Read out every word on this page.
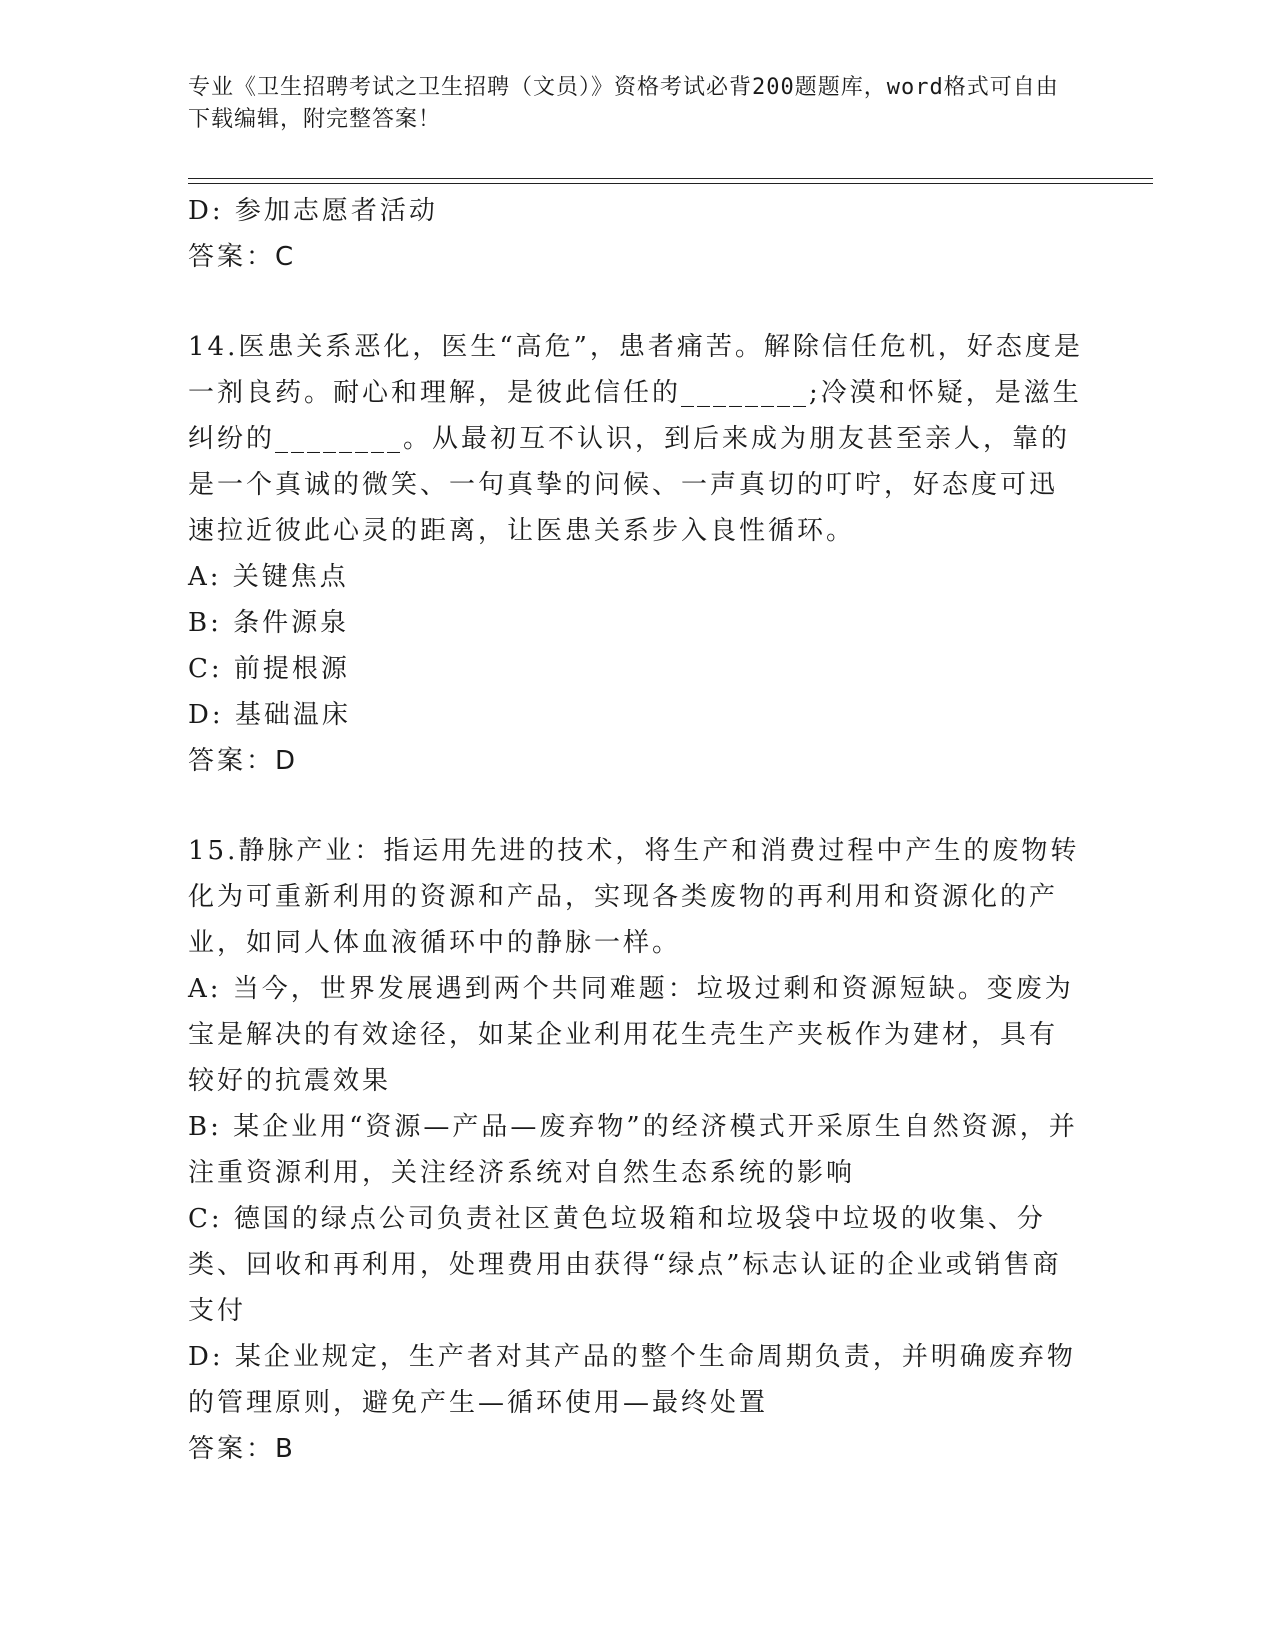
专业《卫生招聘考试之卫生招聘（文员）》资格考试必背200题题库，word格式可自由下载编辑，附完整答案！

D: 参加志愿者活动

答案：C

14.医患关系恶化，医生“高危”，患者痛苦。解除信任危机，好态度是一剂良药。耐心和理解，是彼此信任的________;冷漠和怀疑，是滋生纠纷的________。从最初互不认识，到后来成为朋友甚至亲人，靠的是一个真诚的微笑、一句真挚的问候、一声真切的叮咛，好态度可迅速拉近彼此心灵的距离，让医患关系步入良性循环。

A: 关键焦点

B: 条件源泉

C: 前提根源

D: 基础温床

答案：D

15.静脉产业：指运用先进的技术，将生产和消费过程中产生的废物转化为可重新利用的资源和产品，实现各类废物的再利用和资源化的产业，如同人体血液循环中的静脉一样。

A: 当今，世界发展遇到两个共同难题：垃圾过剩和资源短缺。变废为宝是解决的有效途径，如某企业利用花生壳生产夹板作为建材，具有较好的抗震效果

B: 某企业用“资源—产品—废弃物”的经济模式开采原生自然资源，并注重资源利用，关注经济系统对自然生态系统的影响

C: 德国的绿点公司负责社区黄色垃圾箱和垃圾袋中垃圾的收集、分类、回收和再利用，处理费用由获得“绿点”标志认证的企业或销售商支付

D: 某企业规定，生产者对其产品的整个生命周期负责，并明确废弃物的管理原则，避免产生—循环使用—最终处置

答案：B
